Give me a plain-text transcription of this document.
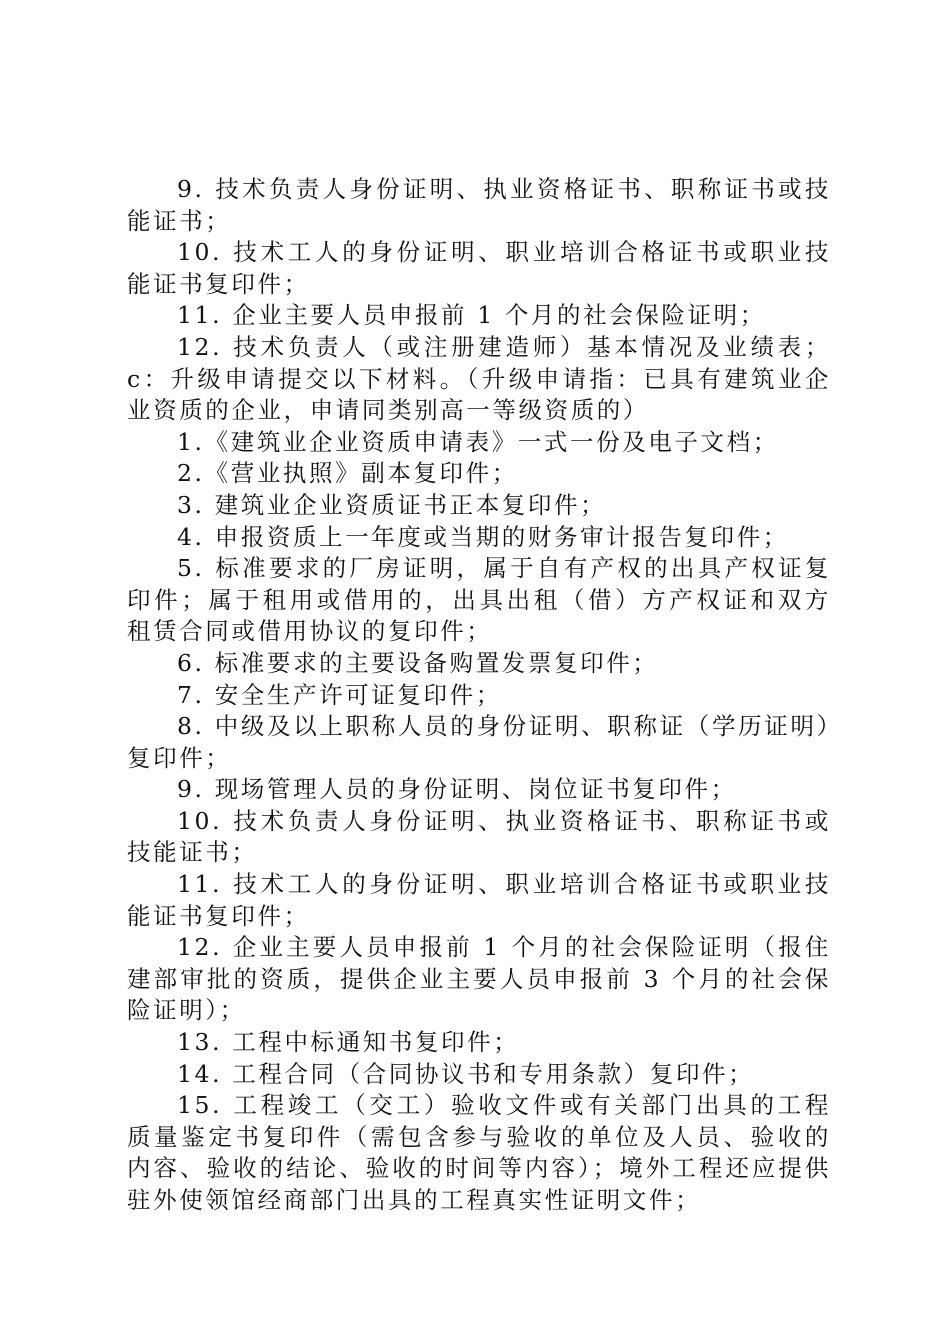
9. 技术负责人身份证明、执业资格证书、职称证书或技能证书；

10. 技术工人的身份证明、职业培训合格证书或职业技能证书复印件；

11. 企业主要人员申报前 1 个月的社会保险证明；

12. 技术负责人（或注册建造师）基本情况及业绩表；c：升级申请提交以下材料。（升级申请指：已具有建筑业企业资质的企业，申请同类别高一等级资质的）

1.《建筑业企业资质申请表》一式一份及电子文档；

2.《营业执照》副本复印件；

3. 建筑业企业资质证书正本复印件；

4. 申报资质上一年度或当期的财务审计报告复印件；

5. 标准要求的厂房证明，属于自有产权的出具产权证复印件；属于租用或借用的，出具出租（借）方产权证和双方租赁合同或借用协议的复印件；

6. 标准要求的主要设备购置发票复印件；

7. 安全生产许可证复印件；

8. 中级及以上职称人员的身份证明、职称证（学历证明）复印件；

9. 现场管理人员的身份证明、岗位证书复印件；

10. 技术负责人身份证明、执业资格证书、职称证书或技能证书；

11. 技术工人的身份证明、职业培训合格证书或职业技能证书复印件；

12. 企业主要人员申报前 1 个月的社会保险证明（报住建部审批的资质，提供企业主要人员申报前 3 个月的社会保险证明）；

13. 工程中标通知书复印件；

14. 工程合同（合同协议书和专用条款）复印件；

15. 工程竣工（交工）验收文件或有关部门出具的工程质量鉴定书复印件（需包含参与验收的单位及人员、验收的内容、验收的结论、验收的时间等内容）；境外工程还应提供驻外使领馆经商部门出具的工程真实性证明文件；
